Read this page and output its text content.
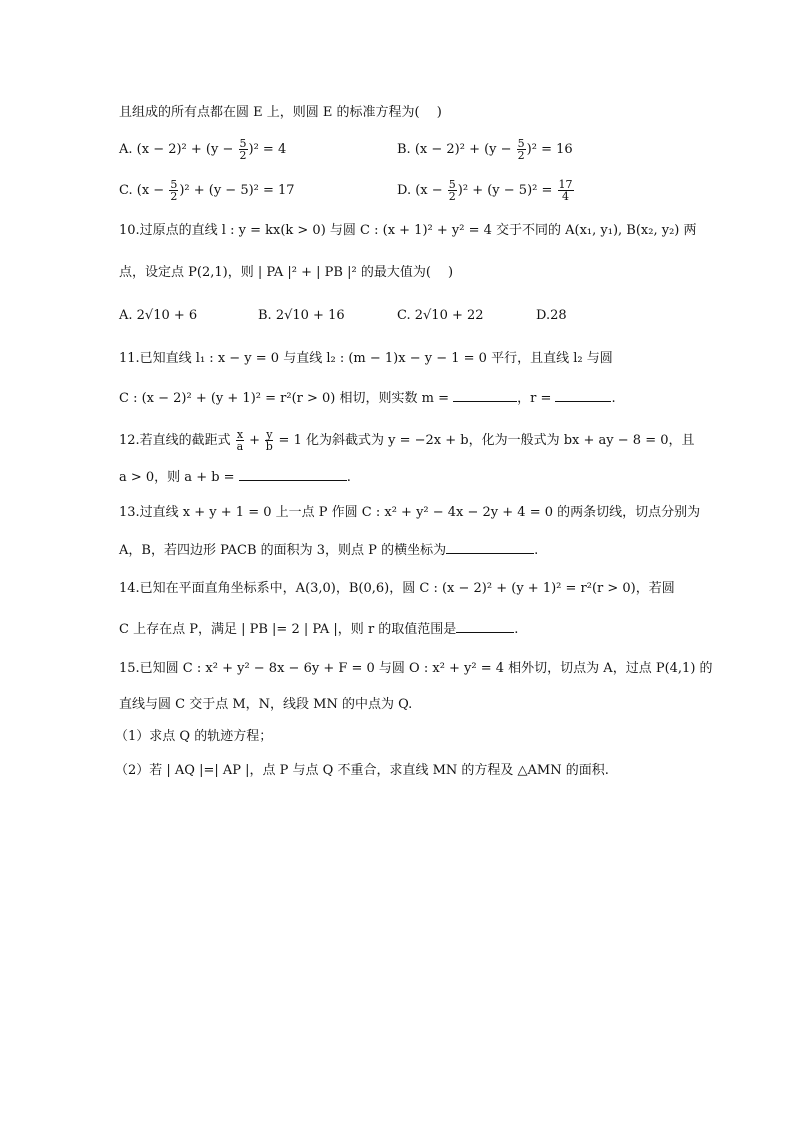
且组成的所有点都在圆 E 上，则圆 E 的标准方程为(　 )
A. $(x - 2)^2 + (y - \frac{5}{2} )^2 = 4$	B. $(x - 2)^2 + (y - \frac{5}{2} )^2 = 16$
C. $(x - \frac{5}{2} )^2 + (y - 5)^2 = 17$	D. $(x - \frac{5}{2} )^2 + (y - 5)^2 = \frac{17}{4}$
10.过原点的直线 l : y = kx(k > 0) 与圆 C : (x + 1)² + y² = 4 交于不同的 A(x₁, y₁), B(x₂, y₂) 两
点，设定点 P(2,1)，则 | PA |² + | PB |² 的最大值为(　 )
A. 2√10 + 6	B. 2√10 + 16	C. 2√10 + 22	D.28
11.已知直线 l₁ : x − y = 0 与直线 l₂ : (m − 1)x − y − 1 = 0 平行，且直线 l₂ 与圆
C : (x − 2)² + (y + 1)² = r²(r > 0) 相切，则实数 m =	，r =	.
12.若直线的截距式 $\frac{x}{a} + \frac{y}{b} = 1$ 化为斜截式为 y = −2x + b，化为一般式为 bx + ay − 8 = 0，且
a > 0，则 a + b =	.
13.过直线 x + y + 1 = 0 上一点 P 作圆 C : x² + y² − 4x − 2y + 4 = 0 的两条切线，切点分别为
A，B，若四边形 PACB 的面积为 3，则点 P 的横坐标为	.
14.已知在平面直角坐标系中，A(3,0)，B(0,6)，圆 C : (x − 2)² + (y + 1)² = r²(r > 0)，若圆
C 上存在点 P，满足 | PB |= 2 | PA |，则 r 的取值范围是	.
15.已知圆 C : x² + y² − 8x − 6y + F = 0 与圆 O : x² + y² = 4 相外切，切点为 A，过点 P(4,1) 的
直线与圆 C 交于点 M，N，线段 MN 的中点为 Q.
（1）求点 Q 的轨迹方程；
（2）若 | AQ |=| AP |，点 P 与点 Q 不重合，求直线 MN 的方程及 △AMN 的面积.
